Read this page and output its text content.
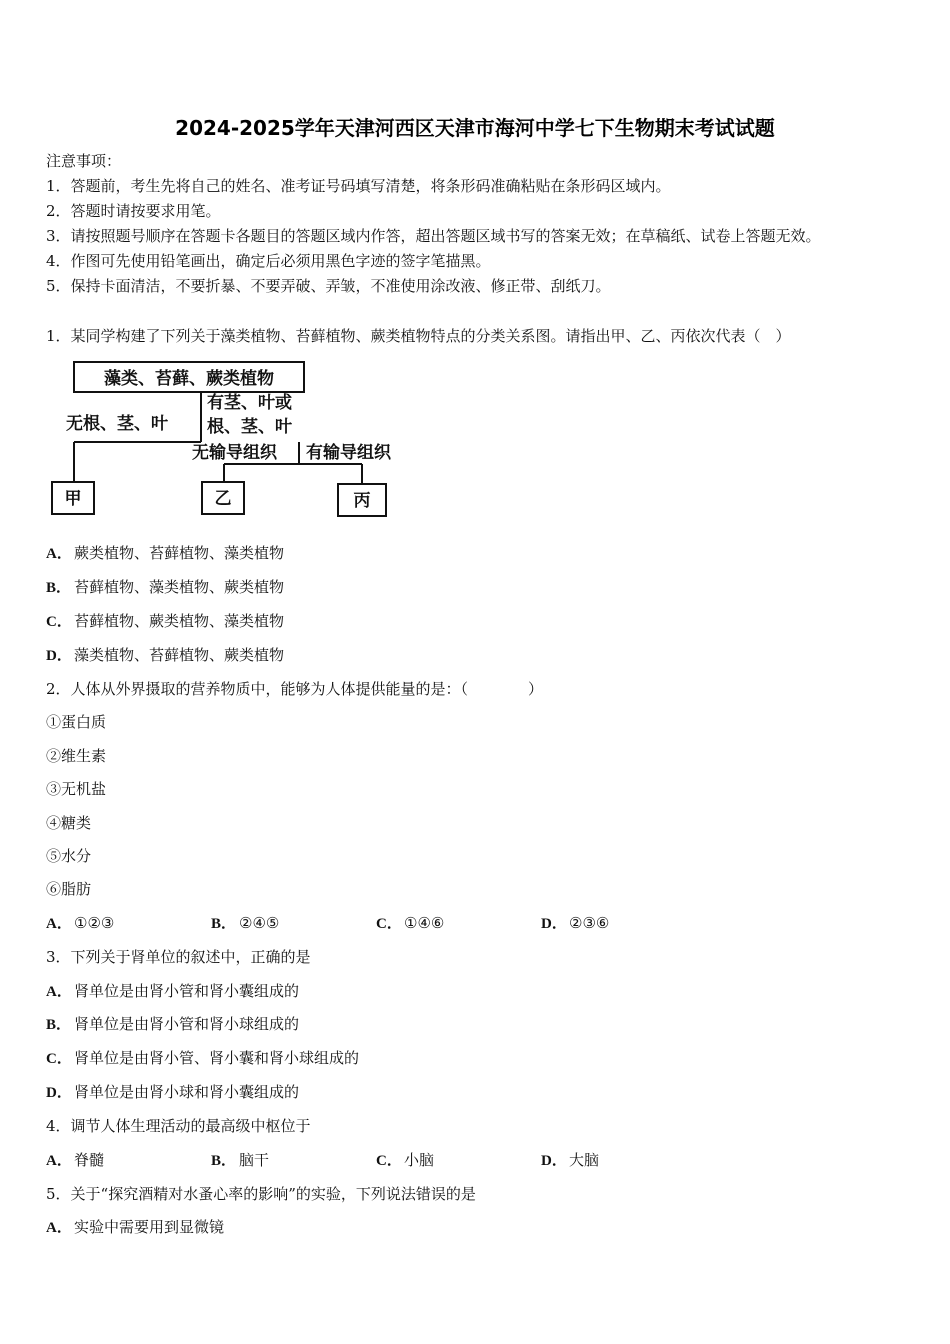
2024-2025学年天津河西区天津市海河中学七下生物期末考试试题
注意事项：
1．答题前，考生先将自己的姓名、准考证号码填写清楚，将条形码准确粘贴在条形码区域内。
2．答题时请按要求用笔。
3．请按照题号顺序在答题卡各题目的答题区域内作答，超出答题区域书写的答案无效；在草稿纸、试卷上答题无效。
4．作图可先使用铅笔画出，确定后必须用黑色字迹的签字笔描黑。
5．保持卡面清洁，不要折暴、不要弄破、弄皱，不准使用涂改液、修正带、刮纸刀。
1．某同学构建了下列关于藻类植物、苔藓植物、蕨类植物特点的分类关系图。请指出甲、乙、丙依次代表（　）
藻类、苔藓、蕨类植物
无根、茎、叶
有茎、叶或
根、茎、叶
无输导组织 有输导组织
甲	乙	丙
A． 蕨类植物、苔藓植物、藻类植物
B． 苔藓植物、藻类植物、蕨类植物
C． 苔藓植物、蕨类植物、藻类植物
D． 藻类植物、苔藓植物、蕨类植物
2．人体从外界摄取的营养物质中，能够为人体提供能量的是：（　　　　）
①蛋白质
②维生素
③无机盐
④糖类
⑤水分
⑥脂肪
A． ①②③	B． ②④⑤	C． ①④⑥	D． ②③⑥
3．下列关于肾单位的叙述中，正确的是
A． 肾单位是由肾小管和肾小囊组成的
B． 肾单位是由肾小管和肾小球组成的
C． 肾单位是由肾小管、肾小囊和肾小球组成的
D． 肾单位是由肾小球和肾小囊组成的
4．调节人体生理活动的最高级中枢位于
A． 脊髓	B． 脑干	C． 小脑	D． 大脑
5．关于“探究酒精对水蚤心率的影响”的实验，下列说法错误的是
A． 实验中需要用到显微镜
